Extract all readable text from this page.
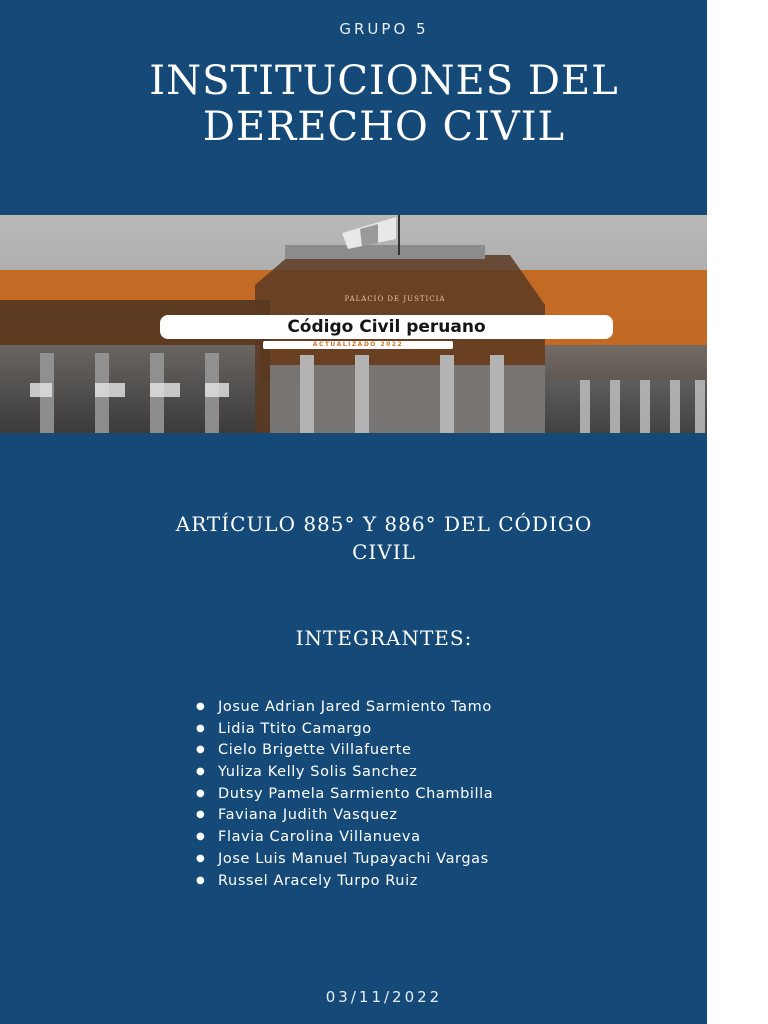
GRUPO 5
INSTITUCIONES DEL
DERECHO CIVIL
PALACIO DE JUSTICIA
Código Civil peruano
ACTUALIZADO 2022
ARTÍCULO 885° Y 886° DEL CÓDIGO
CIVIL
INTEGRANTES:
● Josue Adrian Jared Sarmiento Tamo
● Lidia Ttito Camargo
● Cielo Brigette Villafuerte
● Yuliza Kelly Solis Sanchez
● Dutsy Pamela Sarmiento Chambilla
● Faviana Judith Vasquez
● Flavia Carolina Villanueva
● Jose Luis Manuel Tupayachi Vargas
● Russel Aracely Turpo Ruiz
03/11/2022
